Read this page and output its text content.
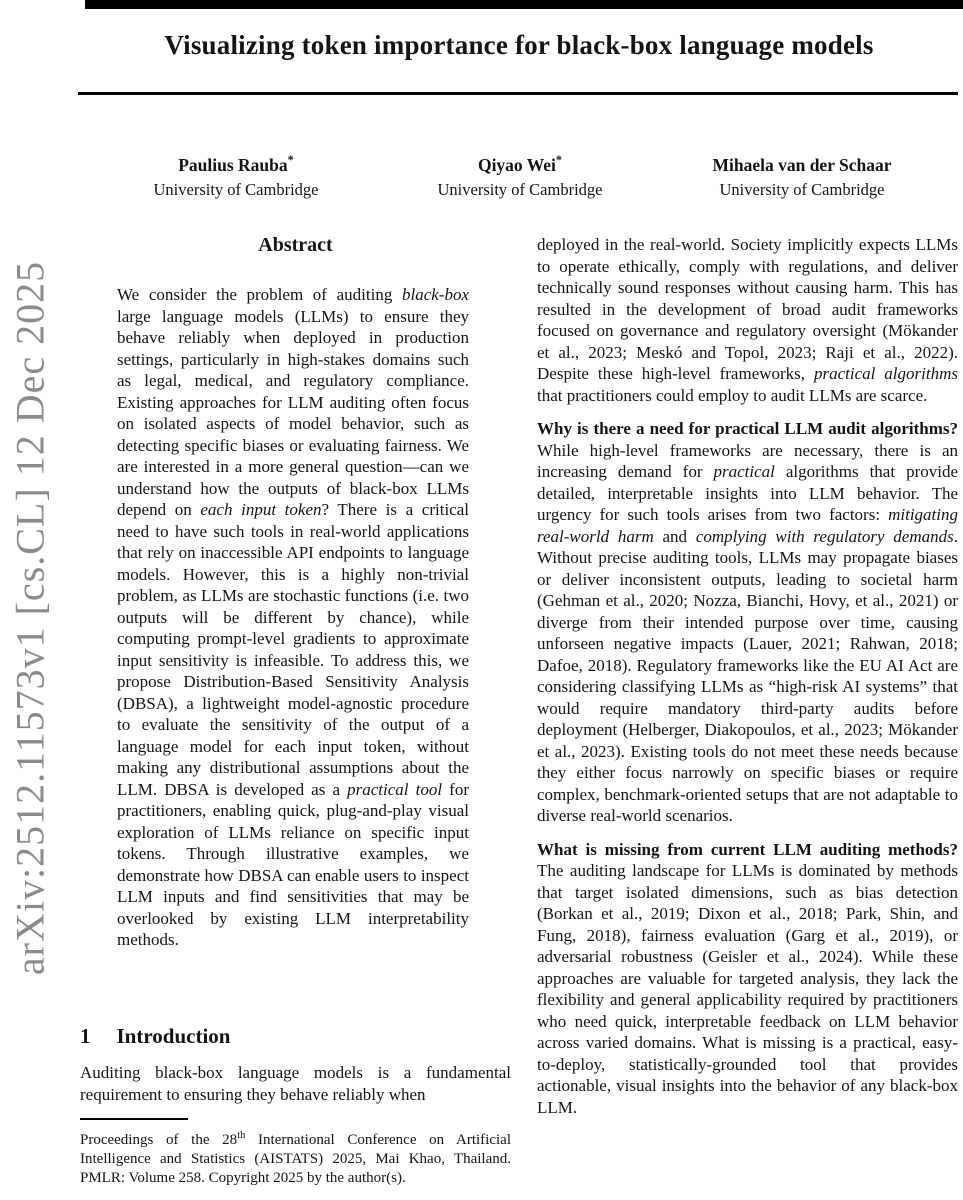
Visualizing token importance for black-box language models
Paulius Rauba*
University of Cambridge
Qiyao Wei*
University of Cambridge
Mihaela van der Schaar
University of Cambridge
arXiv:2512.11573v1 [cs.CL] 12 Dec 2025
Abstract
We consider the problem of auditing black-box large language models (LLMs) to ensure they behave reliably when deployed in production settings, particularly in high-stakes domains such as legal, medical, and regulatory compliance. Existing approaches for LLM auditing often focus on isolated aspects of model behavior, such as detecting specific biases or evaluating fairness. We are interested in a more general question—can we understand how the outputs of black-box LLMs depend on each input token? There is a critical need to have such tools in real-world applications that rely on inaccessible API endpoints to language models. However, this is a highly non-trivial problem, as LLMs are stochastic functions (i.e. two outputs will be different by chance), while computing prompt-level gradients to approximate input sensitivity is infeasible. To address this, we propose Distribution-Based Sensitivity Analysis (DBSA), a lightweight model-agnostic procedure to evaluate the sensitivity of the output of a language model for each input token, without making any distributional assumptions about the LLM. DBSA is developed as a practical tool for practitioners, enabling quick, plug-and-play visual exploration of LLMs reliance on specific input tokens. Through illustrative examples, we demonstrate how DBSA can enable users to inspect LLM inputs and find sensitivities that may be overlooked by existing LLM interpretability methods.
1 Introduction
Auditing black-box language models is a fundamental requirement to ensuring they behave reliably when
Proceedings of the 28th International Conference on Artificial Intelligence and Statistics (AISTATS) 2025, Mai Khao, Thailand. PMLR: Volume 258. Copyright 2025 by the author(s).

deployed in the real-world. Society implicitly expects LLMs to operate ethically, comply with regulations, and deliver technically sound responses without causing harm. This has resulted in the development of broad audit frameworks focused on governance and regulatory oversight (Mökander et al., 2023; Meskó and Topol, 2023; Raji et al., 2022). Despite these high-level frameworks, practical algorithms that practitioners could employ to audit LLMs are scarce.

Why is there a need for practical LLM audit algorithms? While high-level frameworks are necessary, there is an increasing demand for practical algorithms that provide detailed, interpretable insights into LLM behavior. The urgency for such tools arises from two factors: mitigating real-world harm and complying with regulatory demands. Without precise auditing tools, LLMs may propagate biases or deliver inconsistent outputs, leading to societal harm (Gehman et al., 2020; Nozza, Bianchi, Hovy, et al., 2021) or diverge from their intended purpose over time, causing unforseen negative impacts (Lauer, 2021; Rahwan, 2018; Dafoe, 2018). Regulatory frameworks like the EU AI Act are considering classifying LLMs as “high-risk AI systems” that would require mandatory third-party audits before deployment (Helberger, Diakopoulos, et al., 2023; Mökander et al., 2023). Existing tools do not meet these needs because they either focus narrowly on specific biases or require complex, benchmark-oriented setups that are not adaptable to diverse real-world scenarios.

What is missing from current LLM auditing methods? The auditing landscape for LLMs is dominated by methods that target isolated dimensions, such as bias detection (Borkan et al., 2019; Dixon et al., 2018; Park, Shin, and Fung, 2018), fairness evaluation (Garg et al., 2019), or adversarial robustness (Geisler et al., 2024). While these approaches are valuable for targeted analysis, they lack the flexibility and general applicability required by practitioners who need quick, interpretable feedback on LLM behavior across varied domains. What is missing is a practical, easy-to-deploy, statistically-grounded tool that provides actionable, visual insights into the behavior of any black-box LLM.
